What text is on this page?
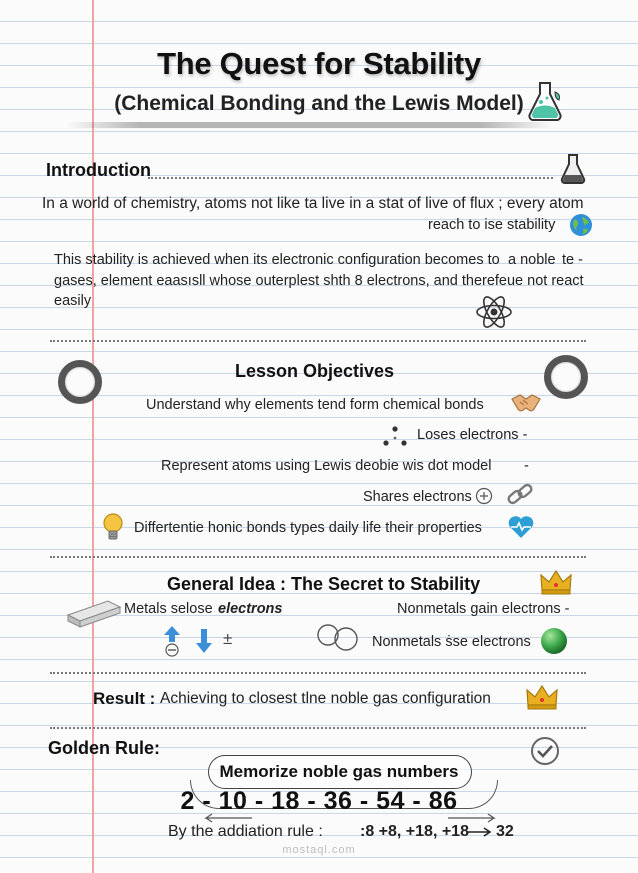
The Quest for Stability
(Chemical Bonding and the Lewis Model)
Introduction
In a world of chemistry, atoms not like ta live in a stat of live of flux ; every atom
reach to ise stability
This stability is achieved when its electronic configuration becomes to a noble te -
gases, element eaasısll whose outerplest shth 8 electrons, and therefeue not react
easily
Lesson Objectives
Understand why elements tend form chemical bonds
Loses electrons -
Represent atoms using Lewis deobie wis dot model -
Shares electrons
Differtentie honic bonds types daily life their properties
General Idea : The Secret to Stability
Metals selose electrons	Nonmetals gain electrons -
±	Nonmetals ṡse electrons
Result : Achieving to closest tlne noble gas configuration
Golden Rule:
Memorize noble gas numbers
2 - 10 - 18 - 36 - 54 - 86
By the addiation rule : :8 +8, +18, +18 32
mostaql.com
